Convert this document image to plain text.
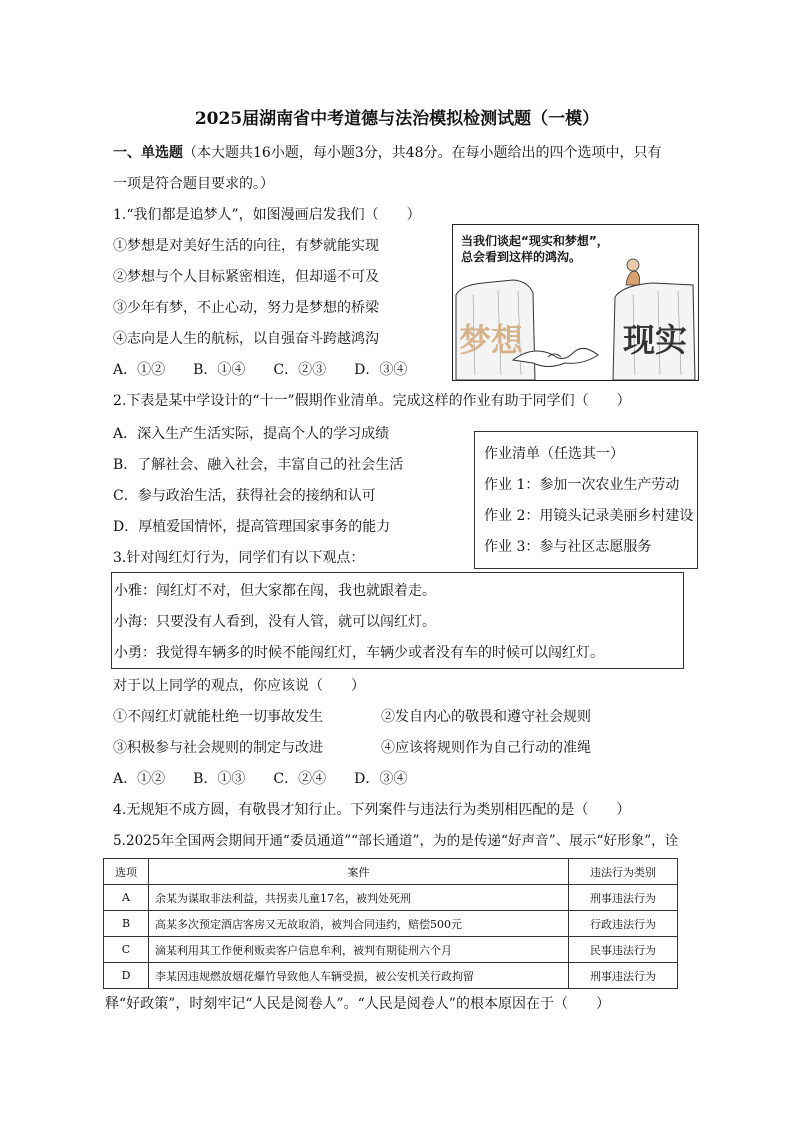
2025届湖南省中考道德与法治模拟检测试题（一模）
一、单选题（本大题共16小题，每小题3分，共48分。在每小题给出的四个选项中，只有
一项是符合题目要求的。）
1.“我们都是追梦人”，如图漫画启发我们（　　）
①梦想是对美好生活的向往，有梦就能实现
②梦想与个人目标紧密相连，但却遥不可及
③少年有梦，不止心动，努力是梦想的桥梁
④志向是人生的航标，以自强奋斗跨越鸿沟
A．①②　　B．①④　　C．②③　　D．③④
当我们谈起“现实和梦想”，
总会看到这样的鸿沟。
梦想	现实
2.下表是某中学设计的“十一”假期作业清单。完成这样的作业有助于同学们（　　）
A．深入生产生活实际，提高个人的学习成绩
B．了解社会、融入社会，丰富自己的社会生活
C．参与政治生活，获得社会的接纳和认可
D．厚植爱国情怀，提高管理国家事务的能力
作业清单（任选其一）
作业 1：参加一次农业生产劳动
作业 2：用镜头记录美丽乡村建设
作业 3：参与社区志愿服务
3.针对闯红灯行为，同学们有以下观点：
小雅：闯红灯不对，但大家都在闯，我也就跟着走。
小海：只要没有人看到，没有人管，就可以闯红灯。
小勇：我觉得车辆多的时候不能闯红灯，车辆少或者没有车的时候可以闯红灯。
对于以上同学的观点，你应该说（　　）
①不闯红灯就能杜绝一切事故发生	②发自内心的敬畏和遵守社会规则
③积极参与社会规则的制定与改进	④应该将规则作为自己行动的准绳
A．①②　　B．①③　　C．②④　　D．③④
4.无规矩不成方圆，有敬畏才知行止。下列案件与违法行为类别相匹配的是（　　）
5.2025年全国两会期间开通“委员通道”“部长通道”，为的是传递“好声音”、展示“好形象”，诠
选项	案件	违法行为类别
A	余某为谋取非法利益，共拐卖儿童17名，被判处死刑	刑事违法行为
B	高某多次预定酒店客房又无故取消，被判合同违约，赔偿500元	行政违法行为
C	滴某利用其工作便利贩卖客户信息牟利，被判有期徒刑六个月	民事违法行为
D	李某因违规燃放烟花爆竹导致他人车辆受损，被公安机关行政拘留	刑事违法行为
释“好政策”，时刻牢记“人民是阅卷人”。“人民是阅卷人”的根本原因在于（　　）
